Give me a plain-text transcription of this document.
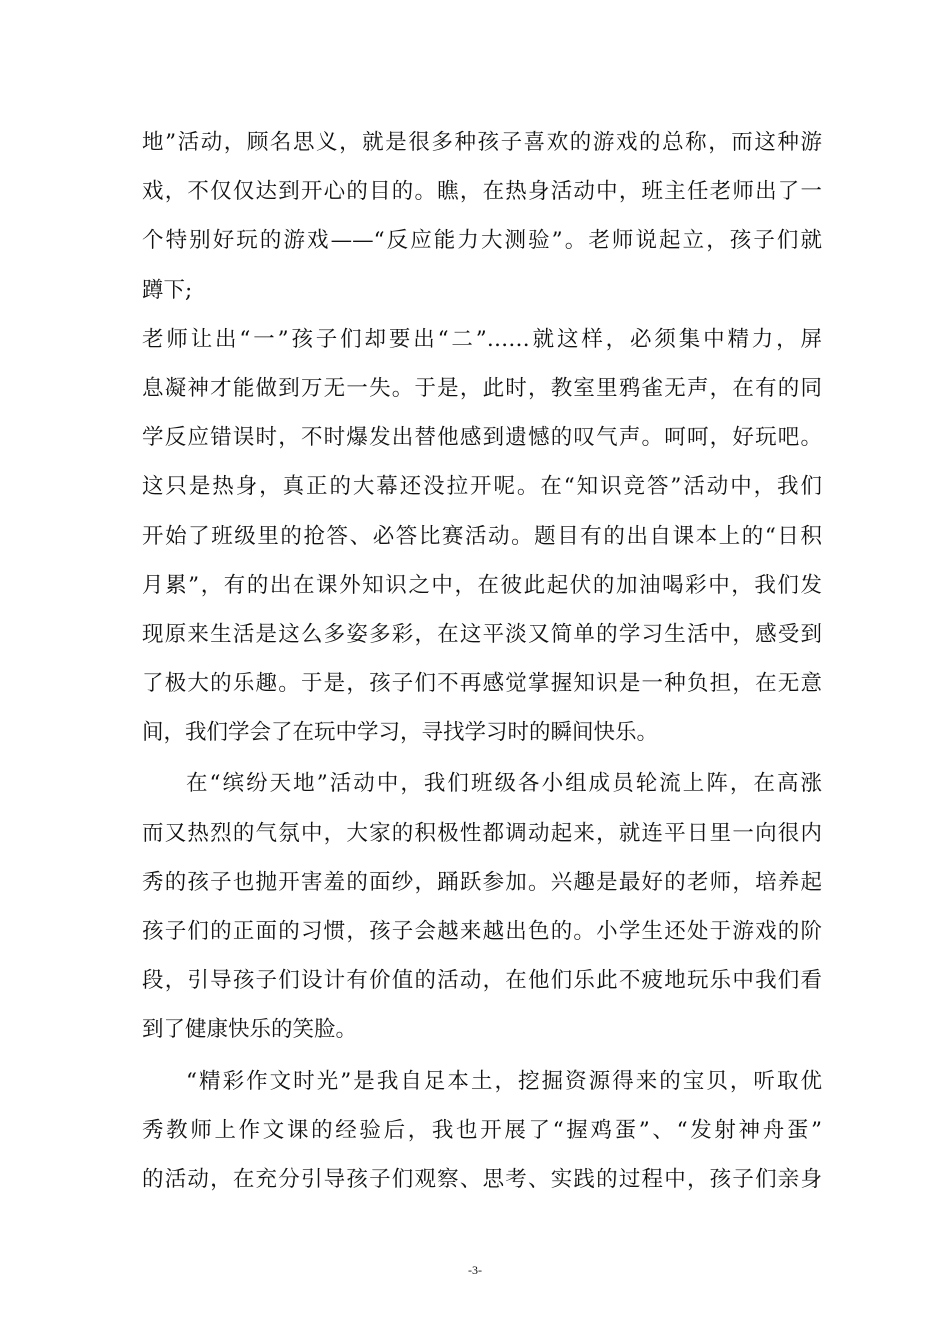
地”活动，顾名思义，就是很多种孩子喜欢的游戏的总称，而这种游
戏，不仅仅达到开心的目的。瞧，在热身活动中，班主任老师出了一
个特别好玩的游戏——“反应能力大测验”。老师说起立，孩子们就
蹲下;
老师让出“一”孩子们却要出“二”……就这样，必须集中精力，屏
息凝神才能做到万无一失。于是，此时，教室里鸦雀无声，在有的同
学反应错误时，不时爆发出替他感到遗憾的叹气声。呵呵，好玩吧。
这只是热身，真正的大幕还没拉开呢。在“知识竞答”活动中，我们
开始了班级里的抢答、必答比赛活动。题目有的出自课本上的“日积
月累”，有的出在课外知识之中，在彼此起伏的加油喝彩中，我们发
现原来生活是这么多姿多彩，在这平淡又简单的学习生活中，感受到
了极大的乐趣。于是，孩子们不再感觉掌握知识是一种负担，在无意
间，我们学会了在玩中学习，寻找学习时的瞬间快乐。
在“缤纷天地”活动中，我们班级各小组成员轮流上阵，在高涨
而又热烈的气氛中，大家的积极性都调动起来，就连平日里一向很内
秀的孩子也抛开害羞的面纱，踊跃参加。兴趣是最好的老师，培养起
孩子们的正面的习惯，孩子会越来越出色的。小学生还处于游戏的阶
段，引导孩子们设计有价值的活动，在他们乐此不疲地玩乐中我们看
到了健康快乐的笑脸。
“精彩作文时光”是我自足本土，挖掘资源得来的宝贝，听取优
秀教师上作文课的经验后，我也开展了“握鸡蛋”、“发射神舟蛋”
的活动，在充分引导孩子们观察、思考、实践的过程中，孩子们亲身
-3-
